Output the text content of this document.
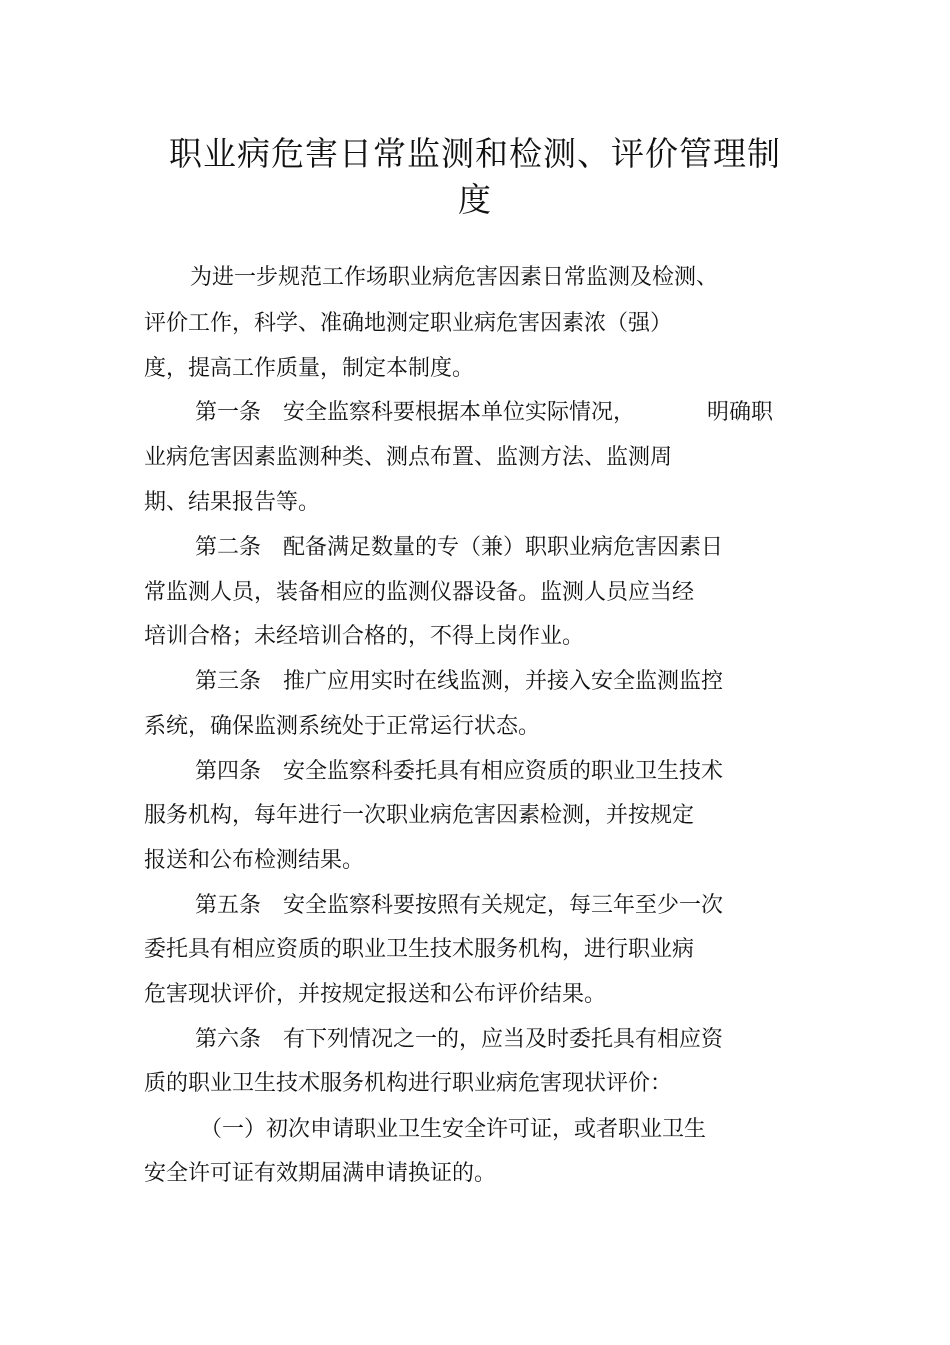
职业病危害日常监测和检测、评价管理制
度
为进一步规范工作场职业病危害因素日常监测及检测、
评价工作，科学、准确地测定职业病危害因素浓（强）
度，提高工作质量，制定本制度。
第一条 安全监察科要根据本单位实际情况，	明确职
业病危害因素监测种类、测点布置、监测方法、监测周
期、结果报告等。
第二条 配备满足数量的专（兼）职职业病危害因素日
常监测人员，装备相应的监测仪器设备。监测人员应当经
培训合格；未经培训合格的，不得上岗作业。
第三条 推广应用实时在线监测，并接入安全监测监控
系统，确保监测系统处于正常运行状态。
第四条 安全监察科委托具有相应资质的职业卫生技术
服务机构，每年进行一次职业病危害因素检测，并按规定
报送和公布检测结果。
第五条 安全监察科要按照有关规定，每三年至少一次
委托具有相应资质的职业卫生技术服务机构，进行职业病
危害现状评价，并按规定报送和公布评价结果。
第六条 有下列情况之一的，应当及时委托具有相应资
质的职业卫生技术服务机构进行职业病危害现状评价：
（一）初次申请职业卫生安全许可证，或者职业卫生
安全许可证有效期届满申请换证的。
